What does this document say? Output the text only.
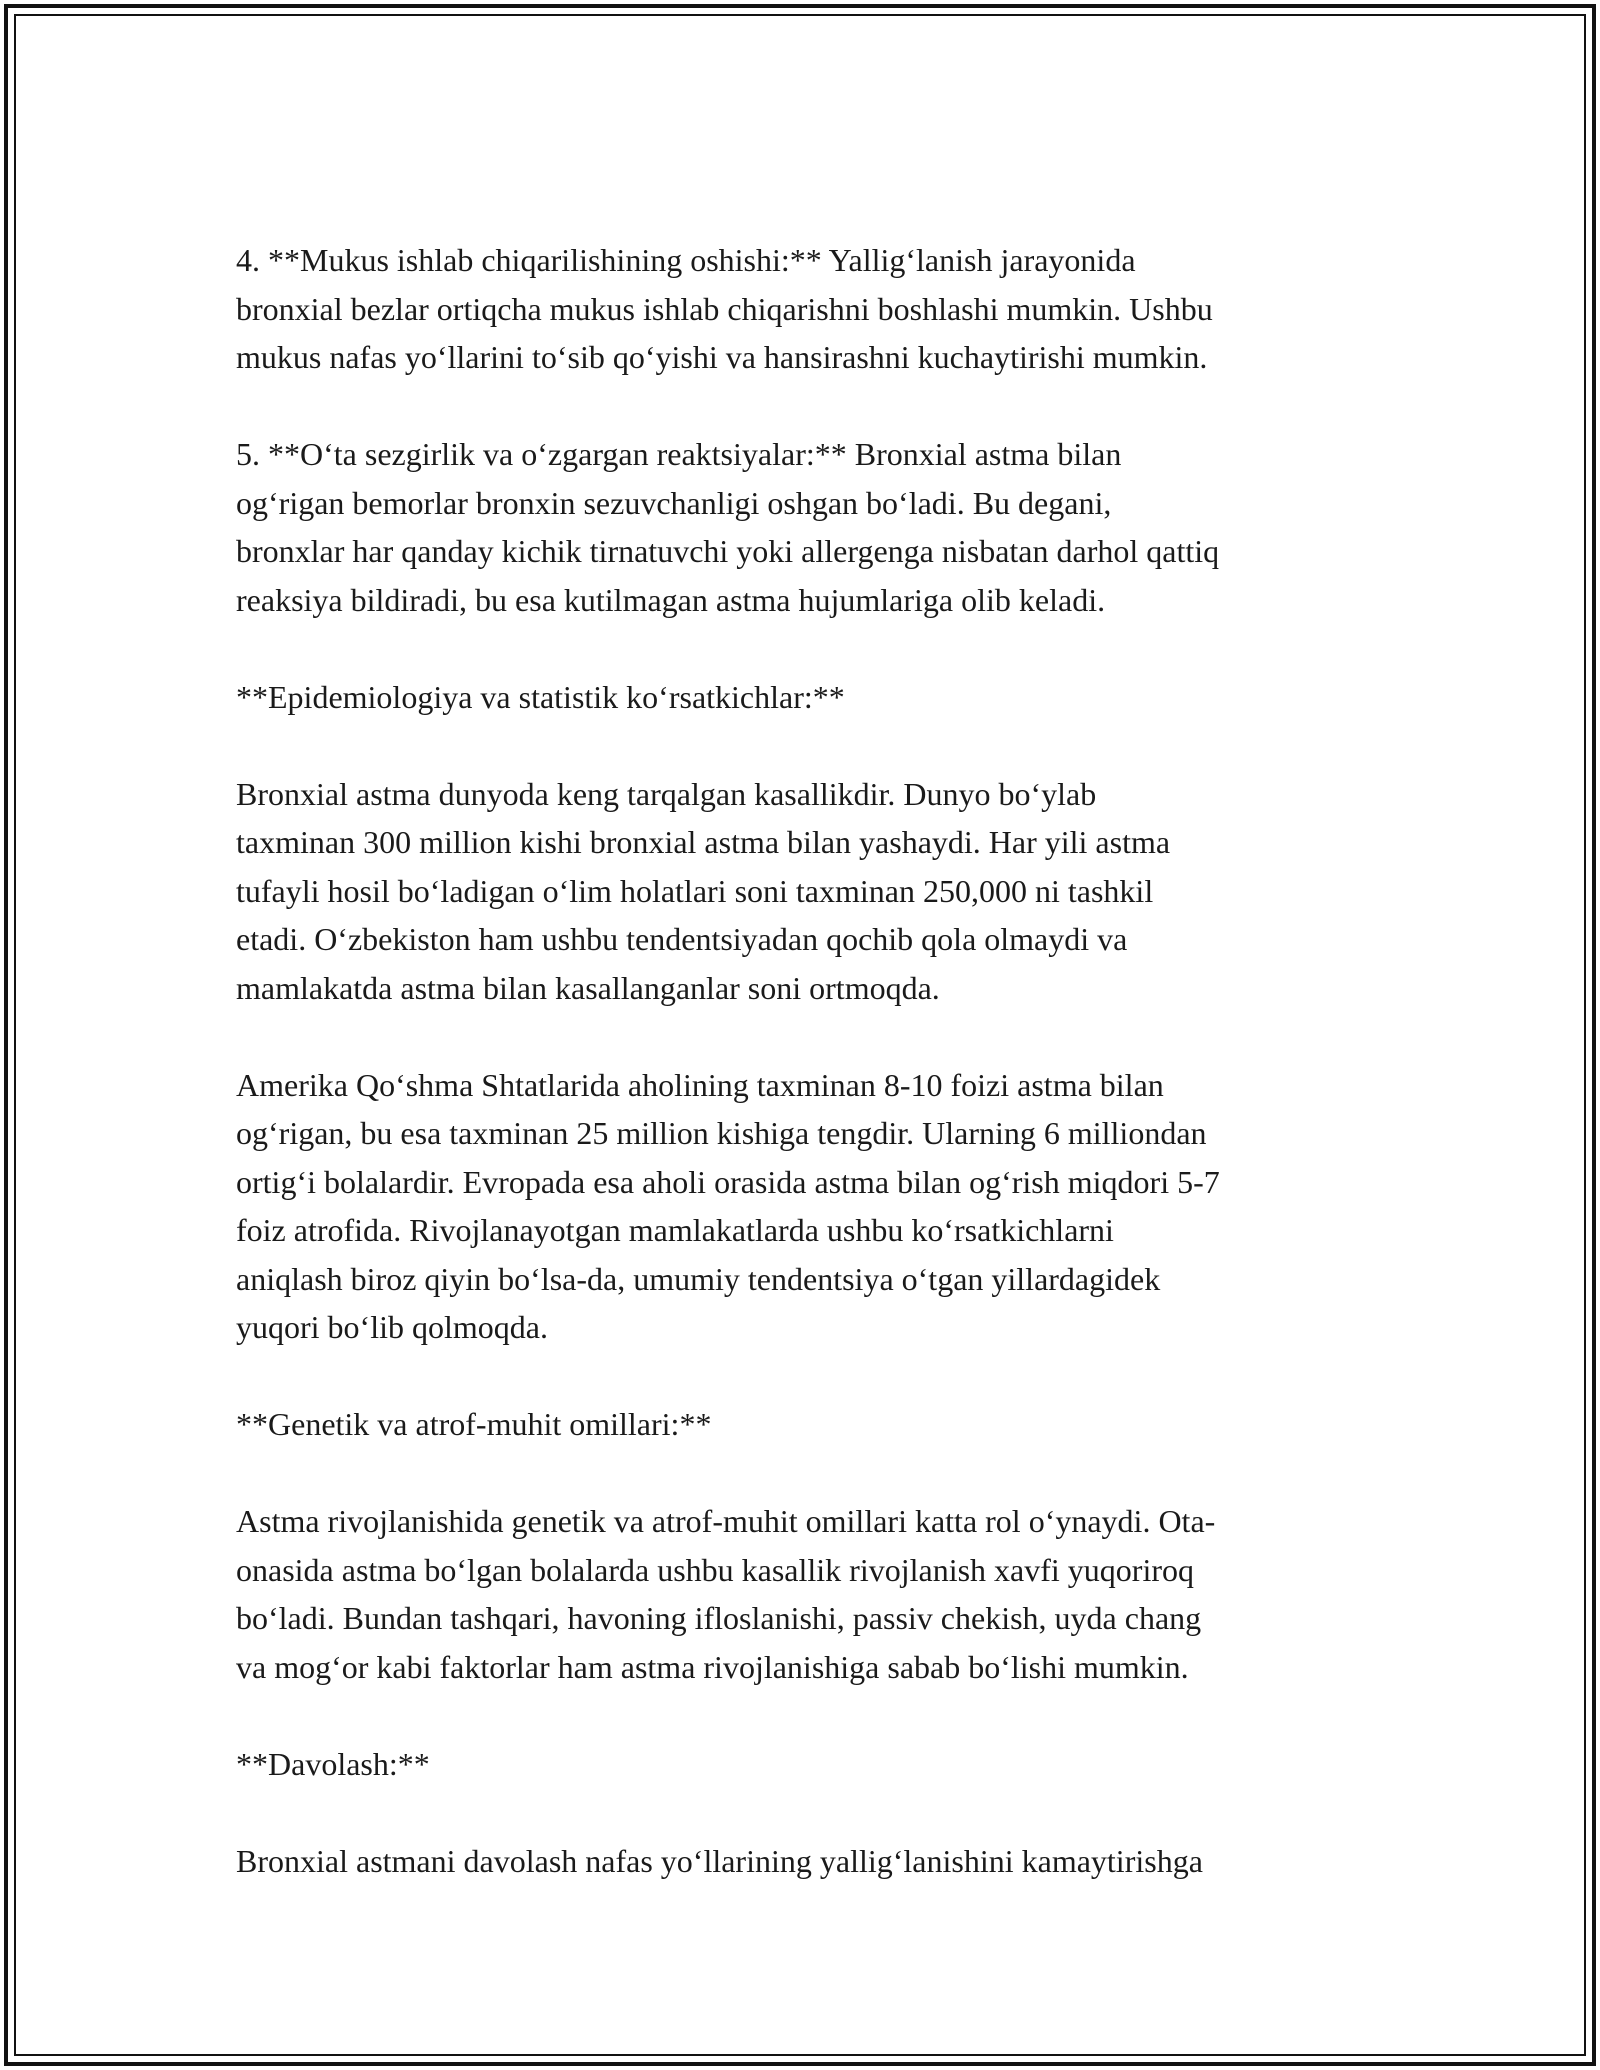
4. **Mukus ishlab chiqarilishining oshishi:** Yallig‘lanish jarayonida
bronxial bezlar ortiqcha mukus ishlab chiqarishni boshlashi mumkin. Ushbu
mukus nafas yo‘llarini to‘sib qo‘yishi va hansirashni kuchaytirishi mumkin.

5. **O‘ta sezgirlik va o‘zgargan reaktsiyalar:** Bronxial astma bilan
og‘rigan bemorlar bronxin sezuvchanligi oshgan bo‘ladi. Bu degani,
bronxlar har qanday kichik tirnatuvchi yoki allergenga nisbatan darhol qattiq
reaksiya bildiradi, bu esa kutilmagan astma hujumlariga olib keladi.

**Epidemiologiya va statistik ko‘rsatkichlar:**

Bronxial astma dunyoda keng tarqalgan kasallikdir. Dunyo bo‘ylab
taxminan 300 million kishi bronxial astma bilan yashaydi. Har yili astma
tufayli hosil bo‘ladigan o‘lim holatlari soni taxminan 250,000 ni tashkil
etadi. O‘zbekiston ham ushbu tendentsiyadan qochib qola olmaydi va
mamlakatda astma bilan kasallanganlar soni ortmoqda.

Amerika Qo‘shma Shtatlarida aholining taxminan 8-10 foizi astma bilan
og‘rigan, bu esa taxminan 25 million kishiga tengdir. Ularning 6 milliondan
ortig‘i bolalardir. Evropada esa aholi orasida astma bilan og‘rish miqdori 5-7
foiz atrofida. Rivojlanayotgan mamlakatlarda ushbu ko‘rsatkichlarni
aniqlash biroz qiyin bo‘lsa-da, umumiy tendentsiya o‘tgan yillardagidek
yuqori bo‘lib qolmoqda.

**Genetik va atrof-muhit omillari:**

Astma rivojlanishida genetik va atrof-muhit omillari katta rol o‘ynaydi. Ota-
onasida astma bo‘lgan bolalarda ushbu kasallik rivojlanish xavfi yuqoriroq
bo‘ladi. Bundan tashqari, havoning ifloslanishi, passiv chekish, uyda chang
va mog‘or kabi faktorlar ham astma rivojlanishiga sabab bo‘lishi mumkin.

**Davolash:**

Bronxial astmani davolash nafas yo‘llarining yallig‘lanishini kamaytirishga
